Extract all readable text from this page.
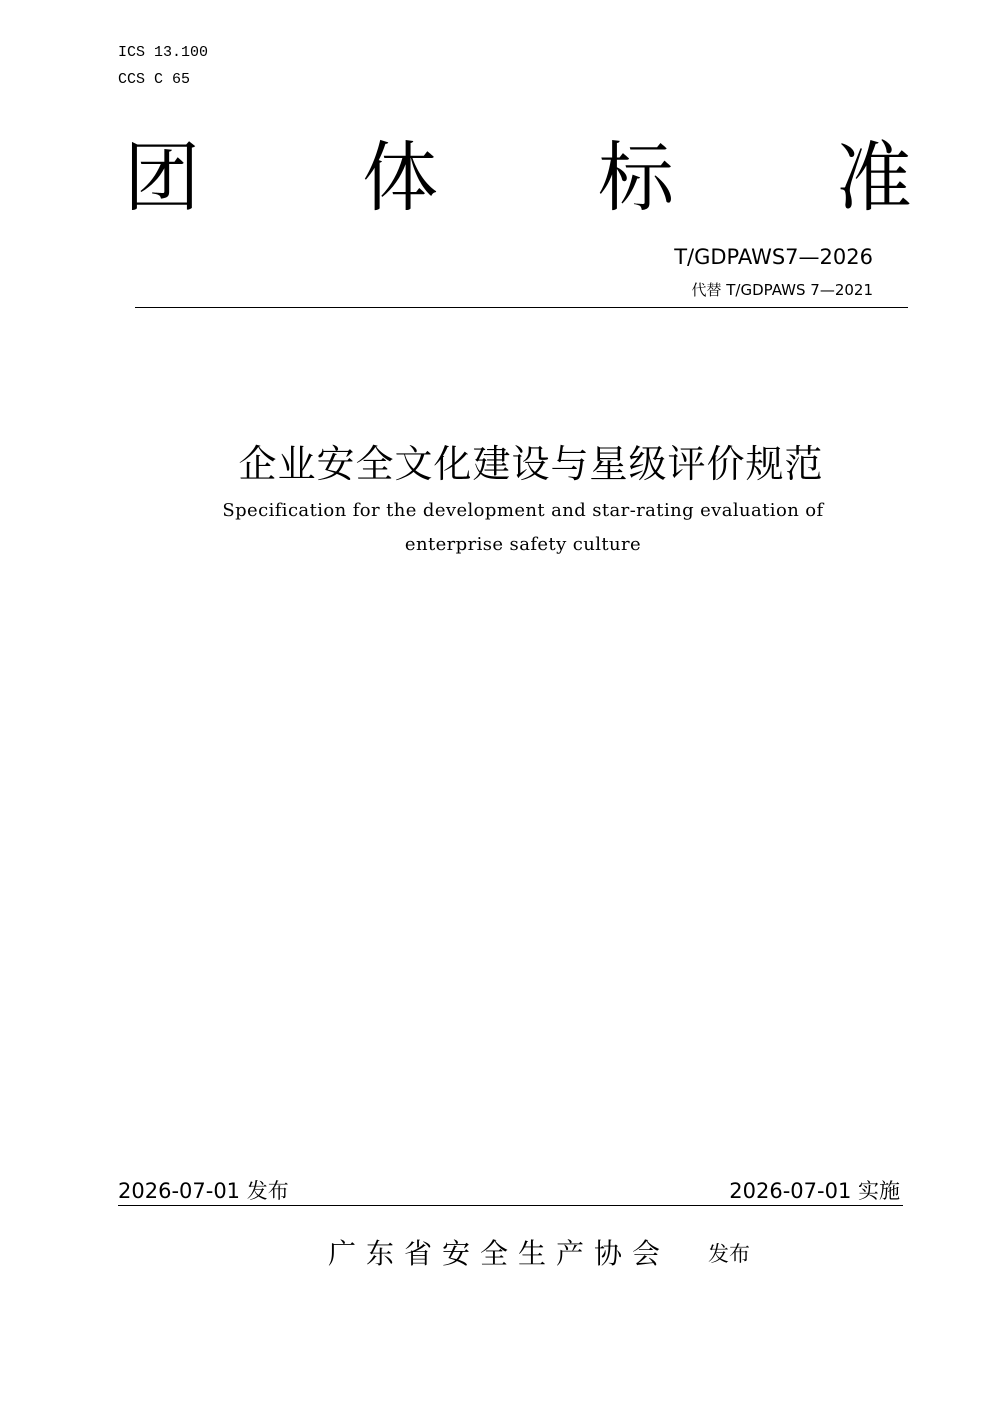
ICS 13.100
CCS C 65
团 体 标 准
T/GDPAWS7—2026
代替 T/GDPAWS 7—2021
企业安全文化建设与星级评价规范
Specification for the development and star-rating evaluation of
enterprise safety culture
2026-07-01 发布	2026-07-01 实施
广东省安全生产协会 发布
